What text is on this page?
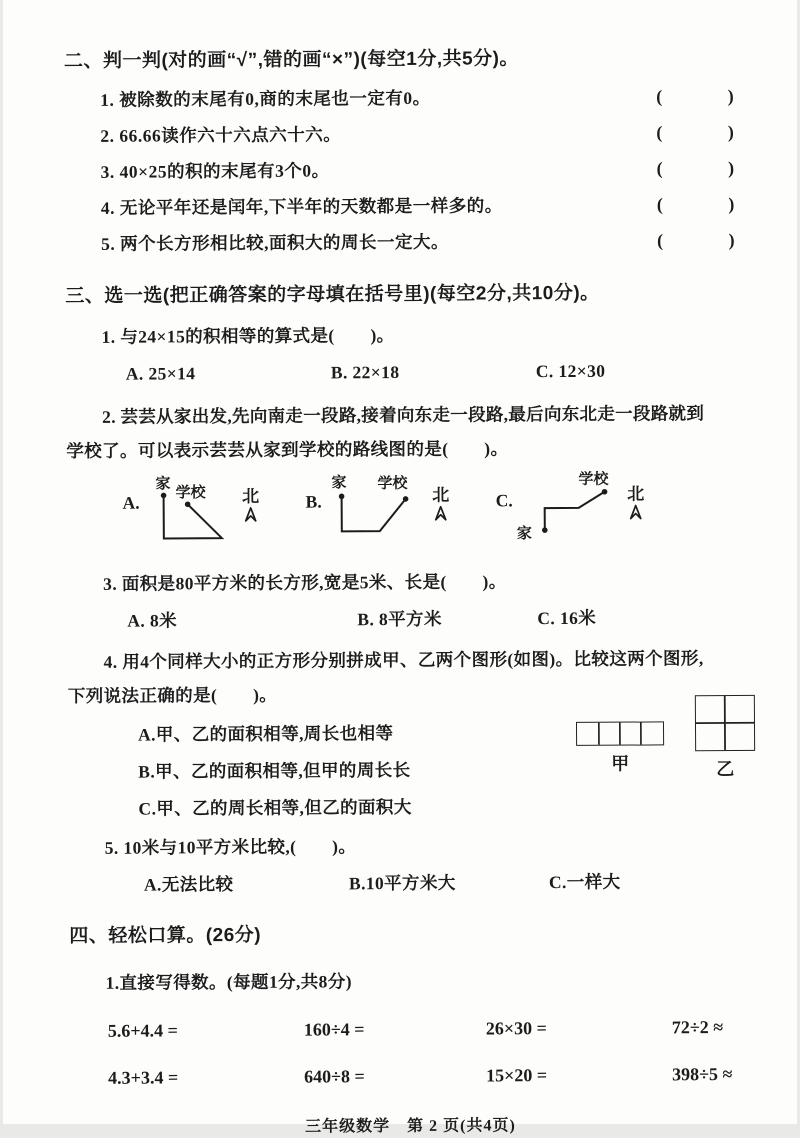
二、判一判(对的画“√”,错的画“×”)(每空1分,共5分)。
1. 被除数的末尾有0,商的末尾也一定有0。	(	)
2. 66.66读作六十六点六十六。	(	)
3. 40×25的积的末尾有3个0。	(	)
4. 无论平年还是闰年,下半年的天数都是一样多的。	(	)
5. 两个长方形相比较,面积大的周长一定大。	(	)
三、选一选(把正确答案的字母填在括号里)(每空2分,共10分)。
1. 与24×15的积相等的算式是(　　)。
A. 25×14	B. 22×18	C. 12×30
2. 芸芸从家出发,先向南走一段路,接着向东走一段路,最后向东北走一段路就到
学校了。可以表示芸芸从家到学校的路线图的是(　　)。
A.
家
学校 北	B.
家 学校
北	C.
家
学校
北
3. 面积是80平方米的长方形,宽是5米、长是(　　)。
A. 8米	B. 8平方米	C. 16米
4. 用4个同样大小的正方形分别拼成甲、乙两个图形(如图)。比较这两个图形,
下列说法正确的是(　　)。
A.甲、乙的面积相等,周长也相等
B.甲、乙的面积相等,但甲的周长长
C.甲、乙的周长相等,但乙的面积大
甲	乙
5. 10米与10平方米比较,(　　)。
A.无法比较	B.10平方米大	C.一样大
四、轻松口算。(26分)
1.直接写得数。(每题1分,共8分)
5.6+4.4 =	160÷4 =	26×30 =	72÷2 ≈
4.3+3.4 =	640÷8 =	15×20 =	398÷5 ≈
三年级数学　第 2 页(共4页)
